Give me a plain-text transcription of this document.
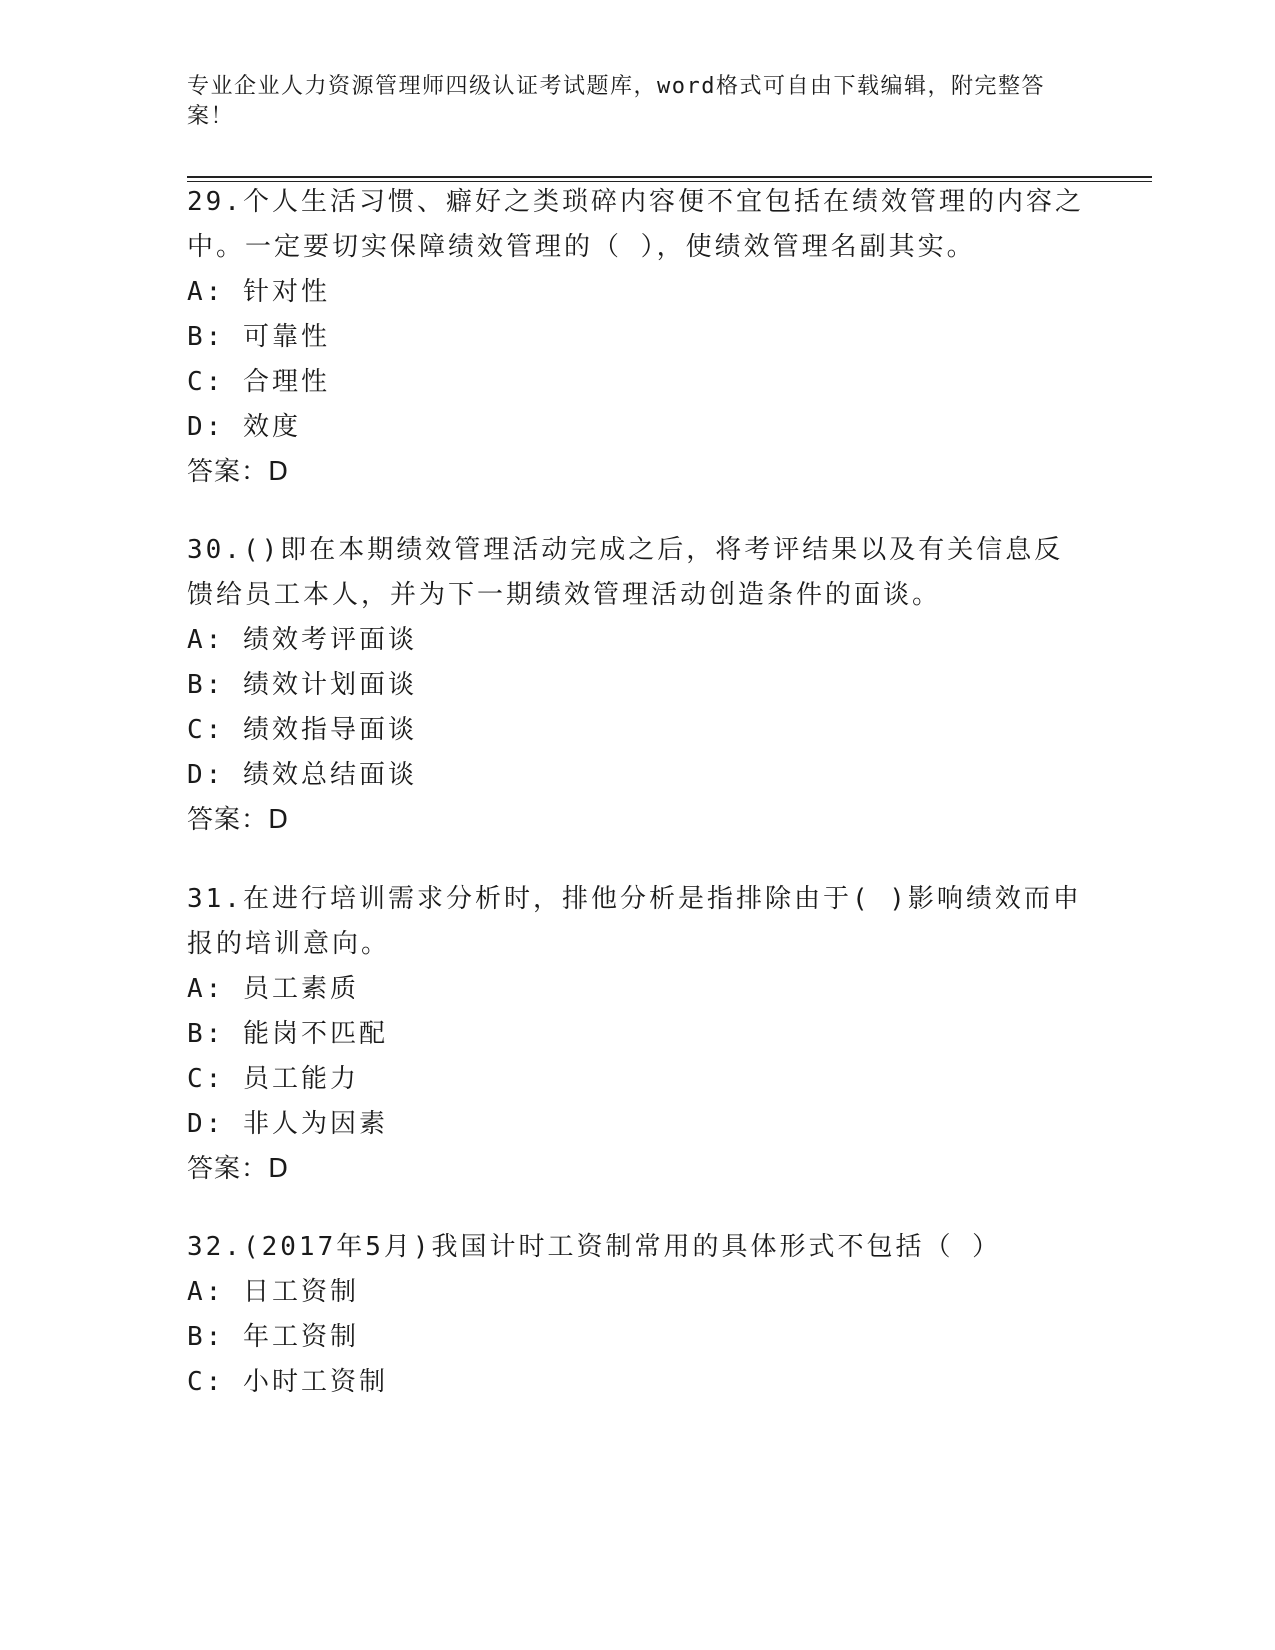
专业企业人力资源管理师四级认证考试题库，word格式可自由下载编辑，附完整答案！

29.个人生活习惯、癖好之类琐碎内容便不宜包括在绩效管理的内容之中。一定要切实保障绩效管理的（ ），使绩效管理名副其实。

A: 针对性

B: 可靠性

C: 合理性

D: 效度

答案：D

30.()即在本期绩效管理活动完成之后，将考评结果以及有关信息反馈给员工本人，并为下一期绩效管理活动创造条件的面谈。

A: 绩效考评面谈

B: 绩效计划面谈

C: 绩效指导面谈

D: 绩效总结面谈

答案：D

31.在进行培训需求分析时，排他分析是指排除由于( )影响绩效而申报的培训意向。

A: 员工素质

B: 能岗不匹配

C: 员工能力

D: 非人为因素

答案：D

32.(2017年5月)我国计时工资制常用的具体形式不包括（ ）

A: 日工资制

B: 年工资制

C: 小时工资制
